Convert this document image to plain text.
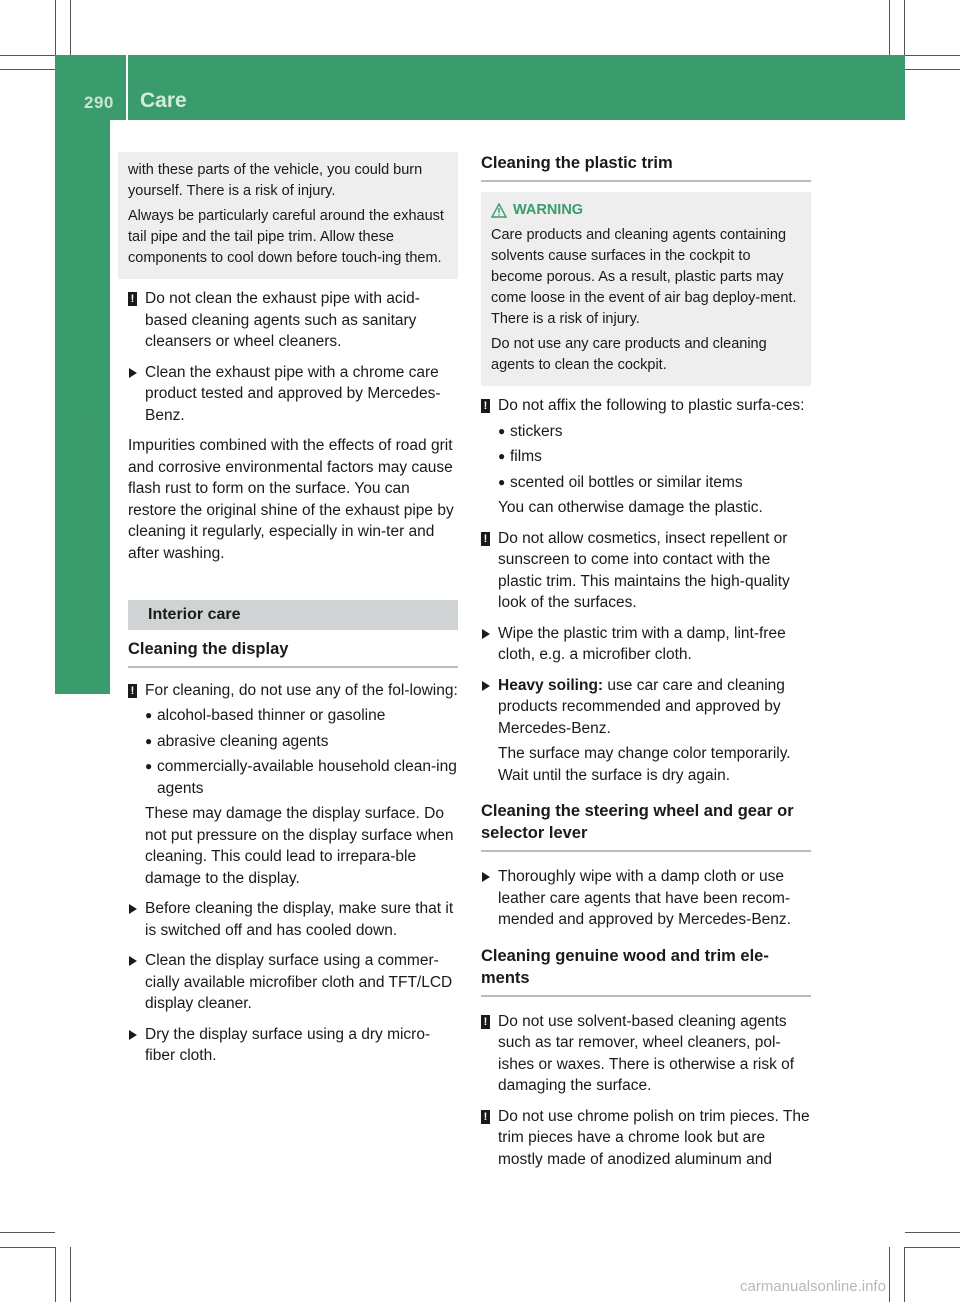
290 Care
Maintenance and care

with these parts of the vehicle, you could burn yourself. There is a risk of injury.

Always be particularly careful around the exhaust tail pipe and the tail pipe trim. Allow these components to cool down before touch-ing them.

! Do not clean the exhaust pipe with acid-based cleaning agents such as sanitary cleansers or wheel cleaners.

Clean the exhaust pipe with a chrome care product tested and approved by Mercedes-Benz.

Impurities combined with the effects of road grit and corrosive environmental factors may cause flash rust to form on the surface. You can restore the original shine of the exhaust pipe by cleaning it regularly, especially in win-ter and after washing.

Interior care
Cleaning the display

! For cleaning, do not use any of the fol-lowing:

● alcohol-based thinner or gasoline
● abrasive cleaning agents
● commercially-available household clean-ing agents

These may damage the display surface. Do not put pressure on the display surface when cleaning. This could lead to irrepara-ble damage to the display.

Before cleaning the display, make sure that it is switched off and has cooled down.

Clean the display surface using a commer-cially available microfiber cloth and TFT/LCD display cleaner.

Dry the display surface using a dry micro-fiber cloth.

Cleaning the plastic trim

WARNING

Care products and cleaning agents containing solvents cause surfaces in the cockpit to become porous. As a result, plastic parts may come loose in the event of air bag deploy-ment. There is a risk of injury.

Do not use any care products and cleaning agents to clean the cockpit.

! Do not affix the following to plastic surfa-ces:

● stickers
● films
● scented oil bottles or similar items

You can otherwise damage the plastic.

! Do not allow cosmetics, insect repellent or sunscreen to come into contact with the plastic trim. This maintains the high-quality look of the surfaces.

Wipe the plastic trim with a damp, lint-free cloth, e.g. a microfiber cloth.

Heavy soiling: use car care and cleaning products recommended and approved by Mercedes-Benz.

The surface may change color temporarily. Wait until the surface is dry again.

Cleaning the steering wheel and gear or selector lever

Thoroughly wipe with a damp cloth or use leather care agents that have been recom-mended and approved by Mercedes-Benz.

Cleaning genuine wood and trim ele-ments

! Do not use solvent-based cleaning agents such as tar remover, wheel cleaners, pol-ishes or waxes. There is otherwise a risk of damaging the surface.

! Do not use chrome polish on trim pieces. The trim pieces have a chrome look but are mostly made of anodized aluminum and

carmanualsonline.info
